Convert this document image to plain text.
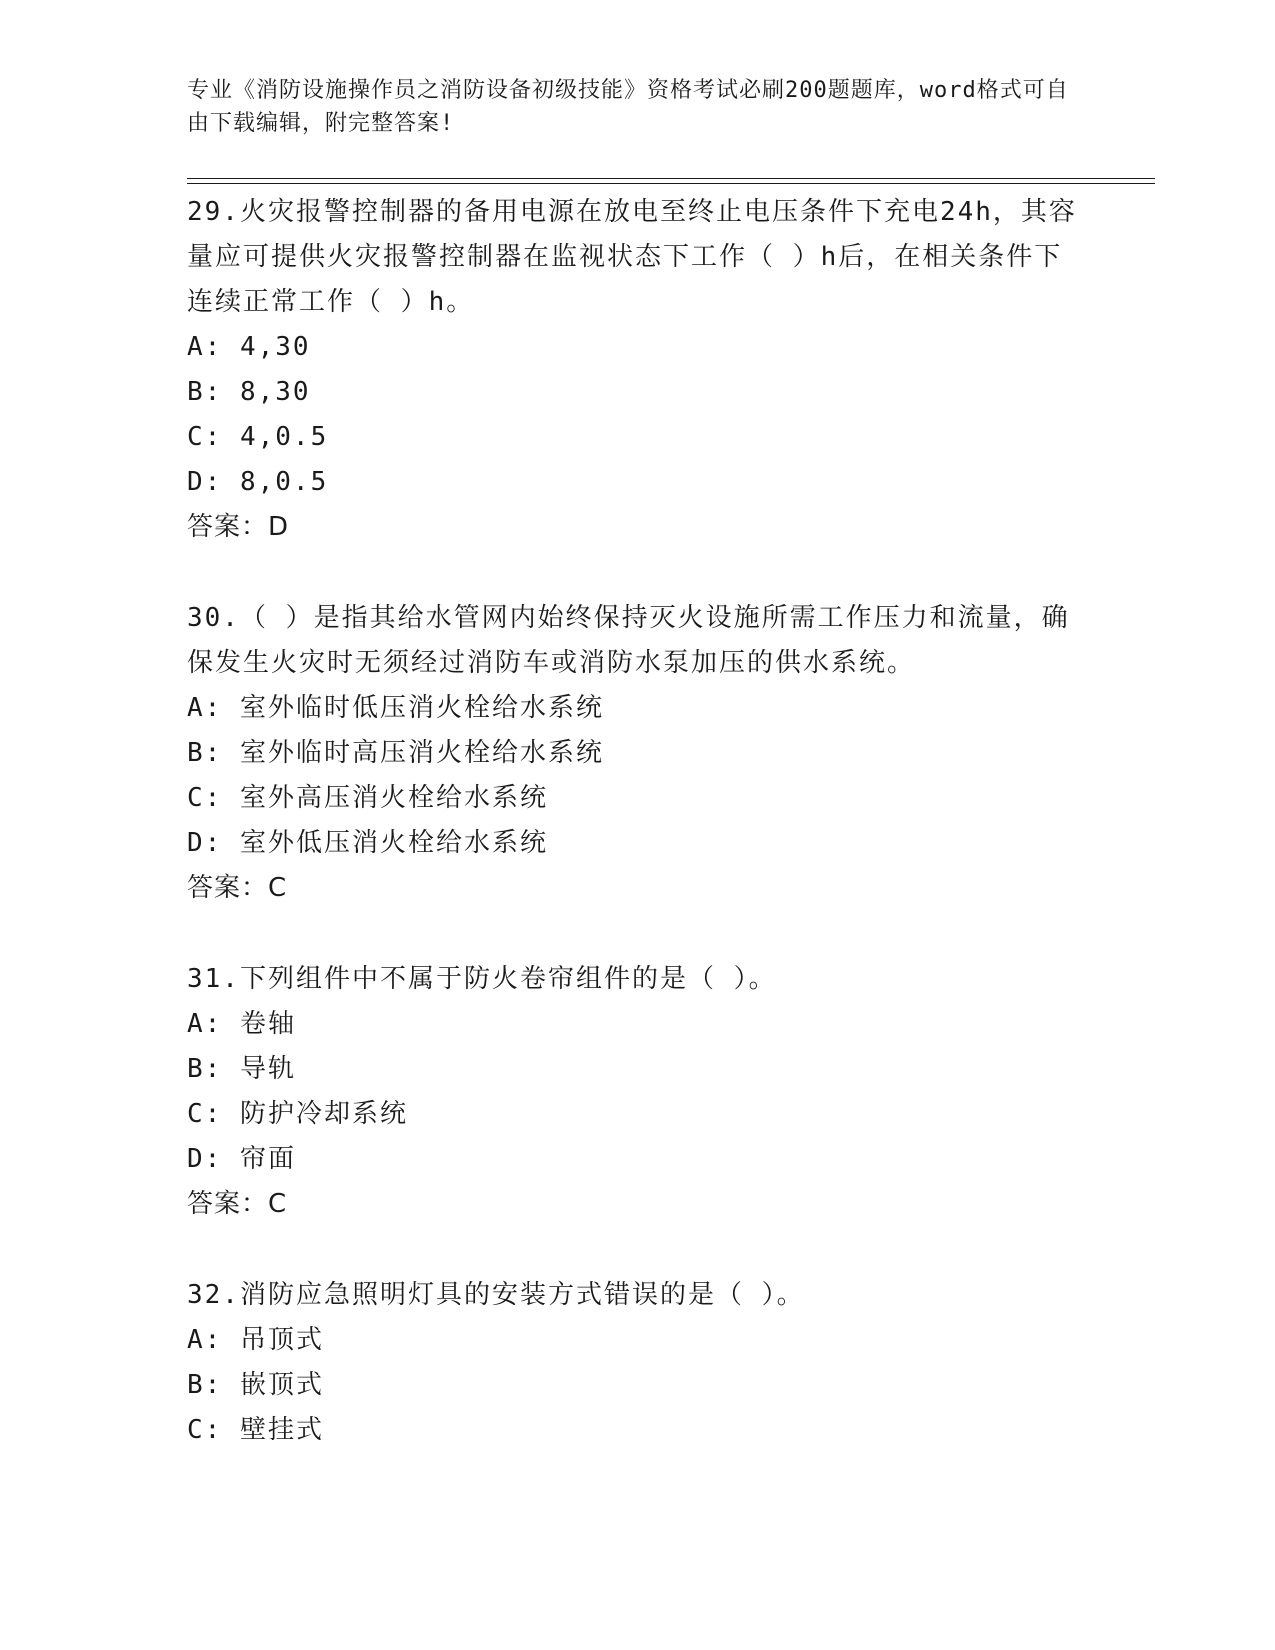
专业《消防设施操作员之消防设备初级技能》资格考试必刷200题题库，word格式可自由下载编辑，附完整答案!
29.火灾报警控制器的备用电源在放电至终止电压条件下充电24h，其容量应可提供火灾报警控制器在监视状态下工作（ ）h后，在相关条件下连续正常工作（ ）h。
A: 4,30
B: 8,30
C: 4,0.5
D: 8,0.5
答案：D
30.（ ）是指其给水管网内始终保持灭火设施所需工作压力和流量，确保发生火灾时无须经过消防车或消防水泵加压的供水系统。
A: 室外临时低压消火栓给水系统
B: 室外临时高压消火栓给水系统
C: 室外高压消火栓给水系统
D: 室外低压消火栓给水系统
答案：C
31.下列组件中不属于防火卷帘组件的是（ ）。
A: 卷轴
B: 导轨
C: 防护冷却系统
D: 帘面
答案：C
32.消防应急照明灯具的安装方式错误的是（ ）。
A: 吊顶式
B: 嵌顶式
C: 壁挂式
